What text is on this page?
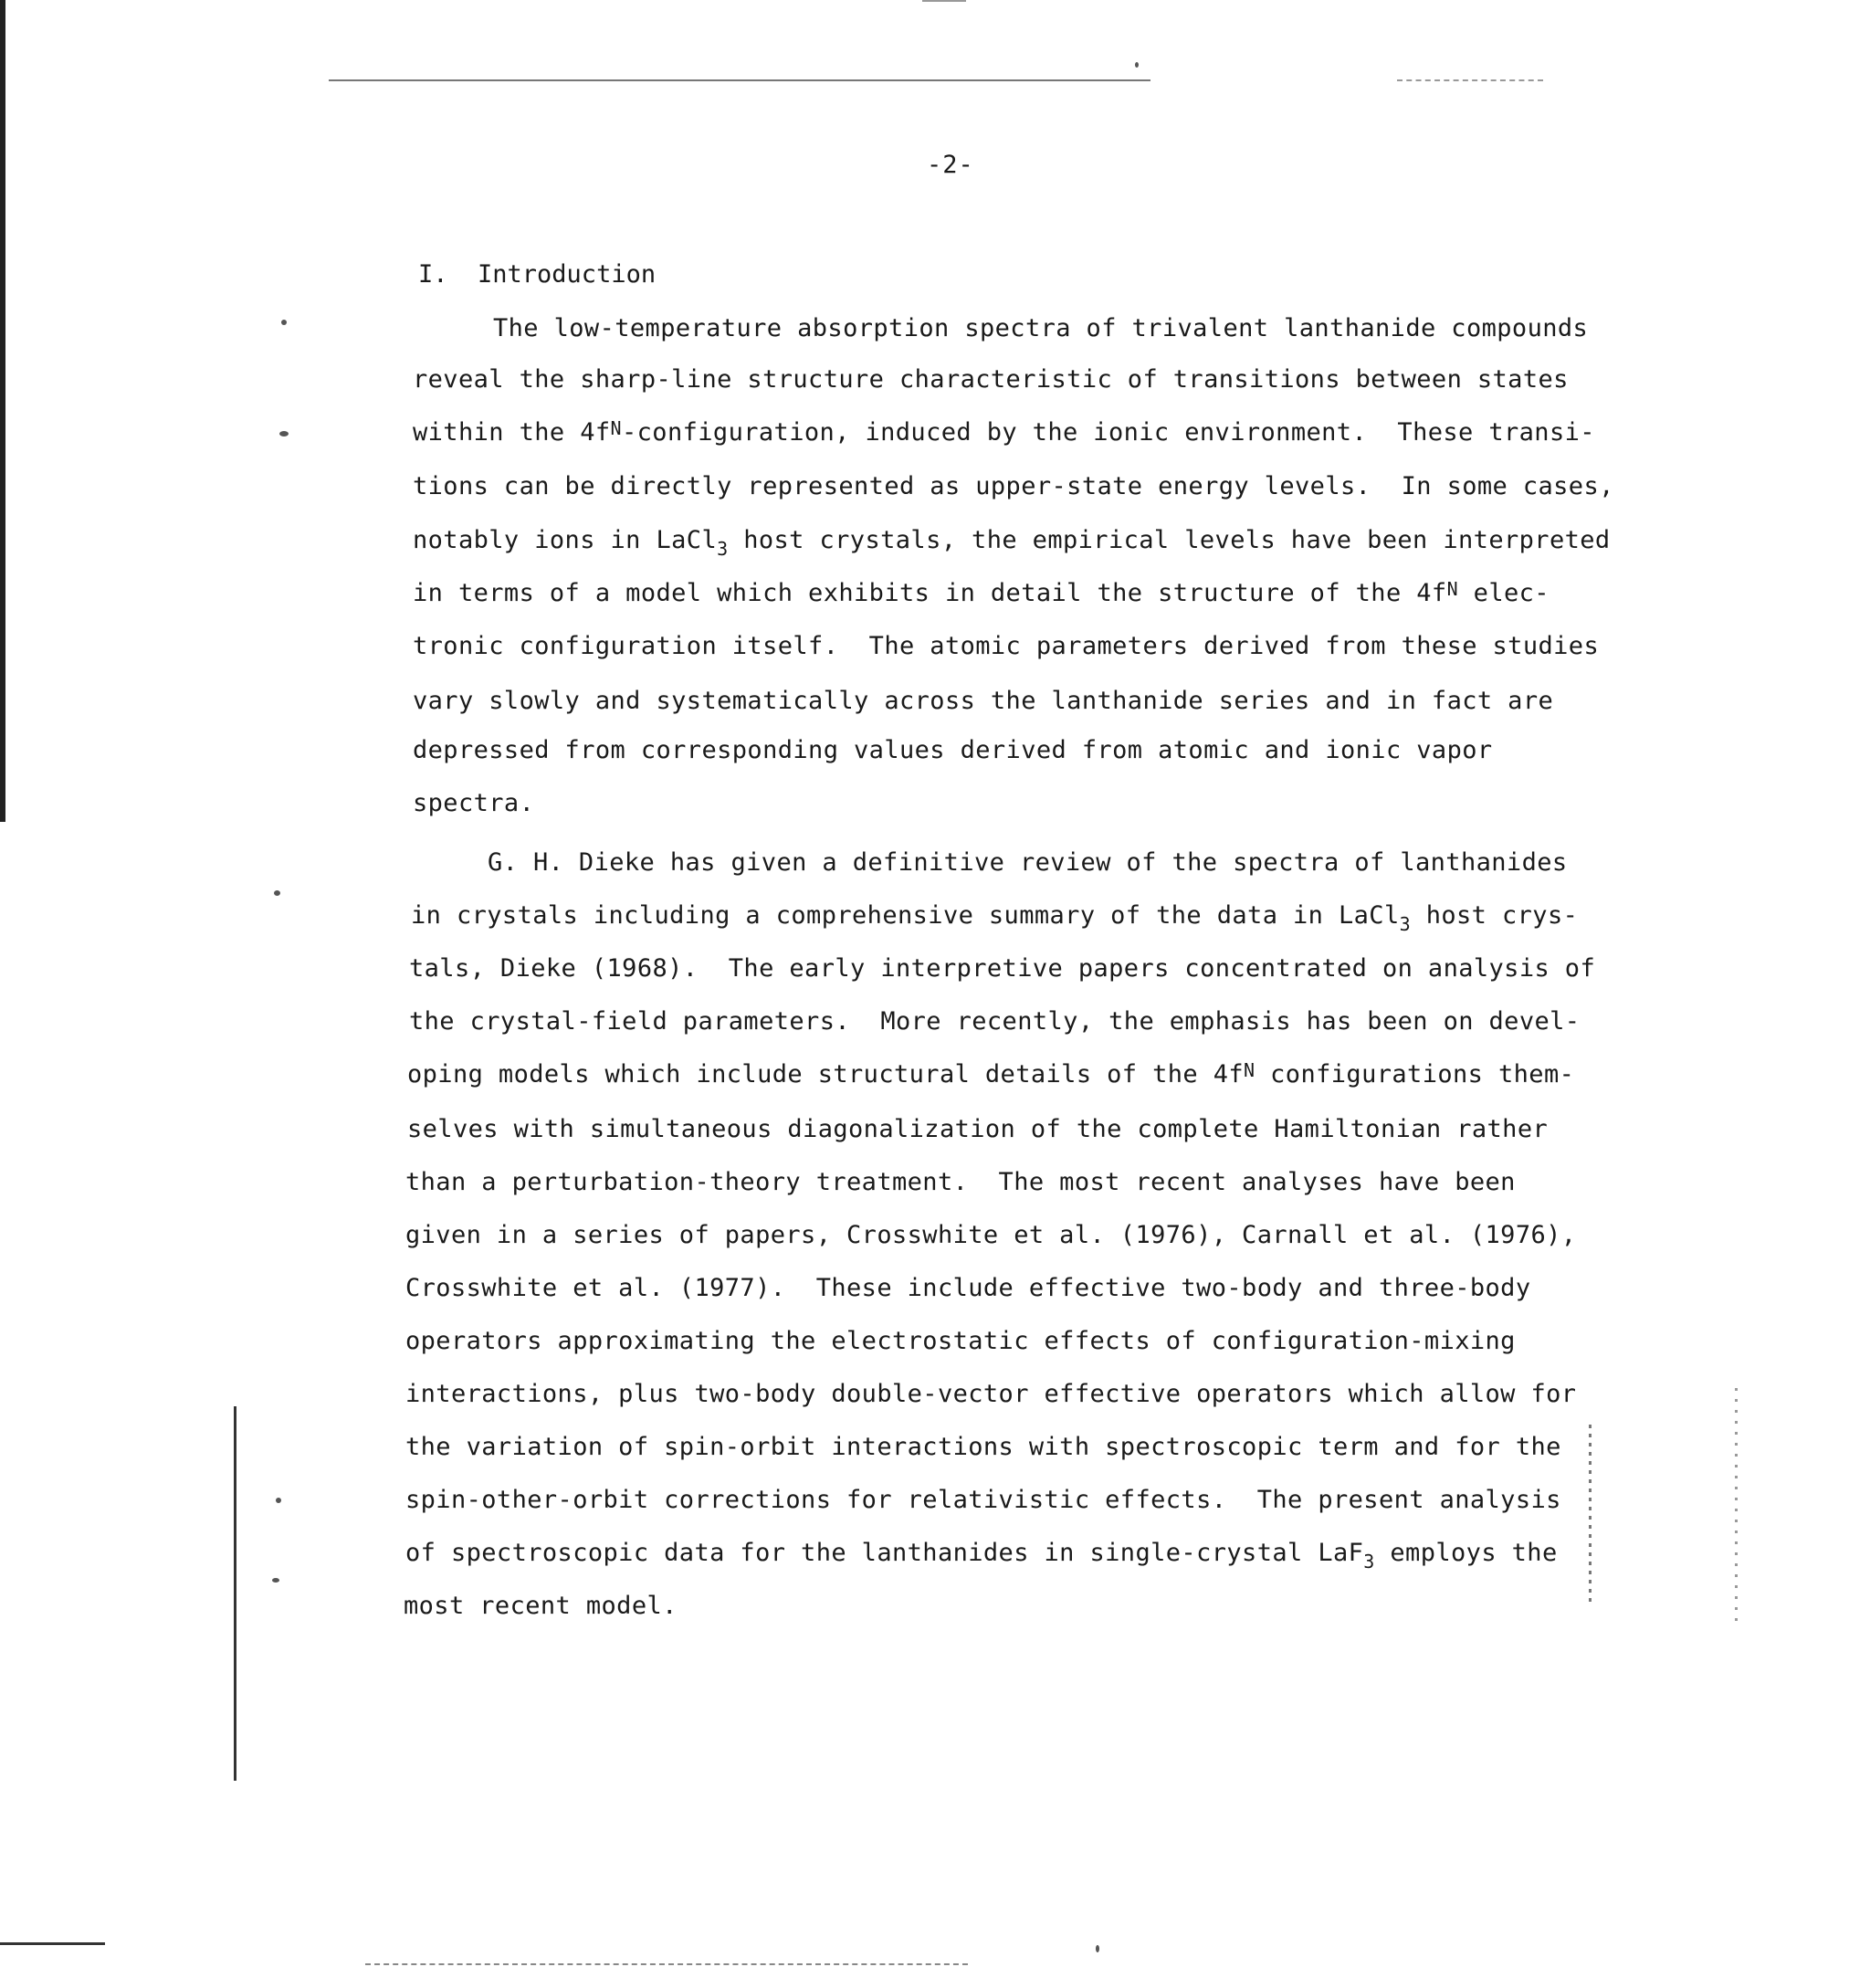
-2-
I.  Introduction
The low-temperature absorption spectra of trivalent lanthanide compounds
reveal the sharp-line structure characteristic of transitions between states
within the $4f^N$-configuration, induced by the ionic environment.  These transi-
tions can be directly represented as upper-state energy levels.  In some cases,
notably ions in LaCl$_3$ host crystals, the empirical levels have been interpreted
in terms of a model which exhibits in detail the structure of the $4f^N$ elec-
tronic configuration itself.  The atomic parameters derived from these studies
vary slowly and systematically across the lanthanide series and in fact are
depressed from corresponding values derived from atomic and ionic vapor
spectra.
G. H. Dieke has given a definitive review of the spectra of lanthanides
in crystals including a comprehensive summary of the data in LaCl$_3$ host crys-
tals, Dieke (1968).  The early interpretive papers concentrated on analysis of
the crystal-field parameters.  More recently, the emphasis has been on devel-
oping models which include structural details of the $4f^N$ configurations them-
selves with simultaneous diagonalization of the complete Hamiltonian rather
than a perturbation-theory treatment.  The most recent analyses have been
given in a series of papers, Crosswhite et al. (1976), Carnall et al. (1976),
Crosswhite et al. (1977).  These include effective two-body and three-body
operators approximating the electrostatic effects of configuration-mixing
interactions, plus two-body double-vector effective operators which allow for
the variation of spin-orbit interactions with spectroscopic term and for the
spin-other-orbit corrections for relativistic effects.  The present analysis
of spectroscopic data for the lanthanides in single-crystal LaF$_3$ employs the
most recent model.
